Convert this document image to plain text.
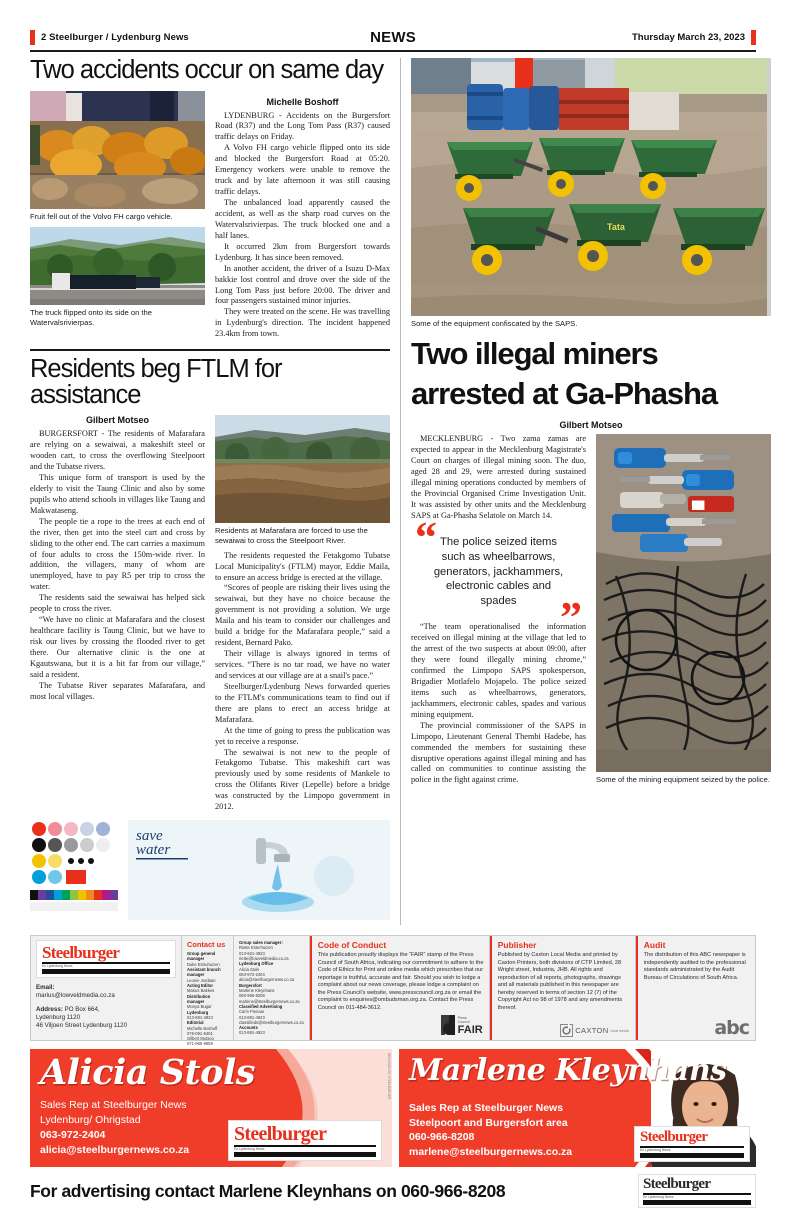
2 Steelburger / Lydenburg News	NEWS	Thursday March 23, 2023
Two accidents occur on same day
Fruit fell out of the Volvo FH cargo vehicle.
The truck flipped onto its side on the Watervalsrivierpas.
Michelle Boshoff

LYDENBURG - Accidents on the Burgersfort Road (R37) and the Long Tom Pass (R37) caused traffic delays on Friday.

A Volvo FH cargo vehicle flipped onto its side and blocked the Burgersfort Road at 05:20. Emergency workers were unable to remove the truck and by late afternoon it was still causing traffic delays.

The unbalanced load apparently caused the accident, as well as the sharp road curves on the Watervalsrivierpas. The truck blocked one and a half lanes.

It occurred 2km from Burgersfort towards Lydenburg. It has since been removed.

In another accident, the driver of a Isuzu D-Max bakkie lost control and drove over the side of the Long Tom Pass just before 20:00. The driver and four passengers sustained minor injuries.

They were treated on the scene. He was travelling in Lydenburg's direction. The incident happened 23.4km from town.

Residents beg FTLM for assistance
Gilbert Motseo

BURGERSFORT - The residents of Mafarafara are relying on a sewaiwai, a makeshift steel or wooden cart, to cross the overflowing Steelpoort and the Tubatse rivers.

This unique form of transport is used by the elderly to visit the Taung Clinic and also by some pupils who attend schools in villages like Taung and Makwataseng.

The people tie a rope to the trees at each end of the river, then get into the steel cart and cross by sliding to the other end. The cart carries a maximum of four adults to cross the 150m-wide river. In addition, the villagers, many of whom are unemployed, have to pay R5 per trip to cross the water.

The residents said the sewaiwai has helped sick people to cross the river.

“We have no clinic at Mafarafara and the closest healthcare facility is Taung Clinic, but we have to risk our lives by crossing the flooded river to get there. Our alternative clinic is the one at Kgautswana, but it is a bit far from our village,” said a resident.

The Tubatse River separates Mafarafara, and most local villages.

Residents at Mafarafara are forced to use the sewaiwai to cross the Steelpoort River.

The residents requested the Fetakgomo Tubatse Local Municipality's (FTLM) mayor, Eddie Maila, to ensure an access bridge is erected at the village.

“Scores of people are risking their lives using the sewaiwai, but they have no choice because the government is not providing a solution. We urge Maila and his team to consider our challenges and build a bridge for the Mafarafara people,” said a resident, Bernard Pako.

Their village is always ignored in terms of services. “There is no tar road, we have no water and services at our village are at a snail's pace.”

Steelburger/Lydenburg News forwarded queries to the FTLM's communications team to find out if there are plans to erect an access bridge at Mafarafara.

At the time of going to press the publication was yet to receive a response.

The sewaiwai is not new to the people of Fetakgomo Tubatse. This makeshift cart was previously used by some residents of Mankele to cross the Olifants River (Lepelle) before a bridge was constructed by the Limpopo government in 2012.

save
water
Tata
Some of the equipment confiscated by the SAPS.
Two illegal miners
arrested at Ga-Phasha
Gilbert Motseo

MECKLENBURG - Two zama zamas are expected to appear in the Mecklenburg Magistrate's Court on charges of illegal mining soon. The duo, aged 28 and 29, were arrested during sustained illegal mining operations conducted by members of the Provincial Organised Crime Investigation Unit. It was assisted by other units and the Mecklenburg SAPS at Ga-Phasha Selatole on March 14.

“ The police seized items such as wheelbarrows, generators, jackhammers, electronic cables and spades ”

“The team operationalised the information received on illegal mining at the village that led to the arrest of the two suspects at about 09:00, after they were found illegally mining chrome,” confirmed the Limpopo SAPS spokesperson, Brigadier Motlafelo Mojapelo. The police seized items such as wheelbarrows, generators, jackhammers, electronic cables, spades and various mining equipment.

The provincial commissioner of the SAPS in Limpopo, Lieutenant General Thembi Hadebe, has commended the members for sustaining these disruptive operations against illegal mining and has called on communities to continue assisting the police in the fight against crime.

██
Some of the mining equipment seized by the police.
Steelburger
En Lydenburg News
Email:
marius@lowveldmedia.co.za
Address: PO Box 664,
Lydenburg 1120
46 Viljoen Street Lydenburg 1120
Contact us
Group general manager
Duke Estruhuizen
Assistant branch manager
Leonie Jordaan
Acting Editor
Marius Bakkes
Distribution manager
Monya Bugar
Lydenburg
013-891-4923
Editorial
Michelle Boshoff
076-091-5401
Gilbert Motseo
071-965-9659
Group sales manager:
Riette Esterhuizen
013-921-4923
riette@lowveldmedia.co.za
Lydenburg Office
Alicia Stols
063-972-2404
alicia@steelburgernews.co.za
Burgersfort
Marlene Kleynhans
060-966-8208
marlene@steelburgernews.co.za
Classified Advertising
Carin Pienaar
013-891-4923
classifieds@steelburgernews.co.za
Accounts
013-891-4923
Code of Conduct
This publication proudly displays the “FAIR” stamp of the Press Council of South Africa, indicating our commitment to adhere to the Code of Ethics for Print and online media which prescribes that our reportage is truthful, accurate and fair. Should you wish to lodge a complaint about our news coverage, please lodge a complaint on the Press Council's website, www.presscouncil.org.za or email the complaint to enquiries@ombudsman.org.za. Contact the Press Council on 011-484-3612.
Press
Council
FAIR
Publisher
Published by Caxton Local Media and printed by Caxton Printers, both divisions of CTP Limited, 28 Wright street, Industria, JHB. All rights and reproduction of all reports, photographs, drawings and all materials published in this newspaper are hereby reserved in terms of section 12 (7) of the Copyright Act no 98 of 1978 and any amendments thereof.
CAXTON local media
Audit
The distribution of this ABC newspaper is independently audited to the professional standards administrated by the Audit Bureau of Circulations of South Africa.
abc
Alicia Stols
Sales Rep at Steelburger News
Lydenburg/ Ohrigstad
063-972-2404
alicia@steelburgernews.co.za
Steelburger
En Lydenburg News
DESIGNED BY STEELBURGER Marlene Kleynhans
Sales Rep at Steelburger News
Steelpoort and Burgersfort area
060-966-8208
marlene@steelburgernews.co.za
Steelburger
En Lydenburg News
For advertising contact Marlene Kleynhans on 060-966-8208	Steelburger
En Lydenburg News
